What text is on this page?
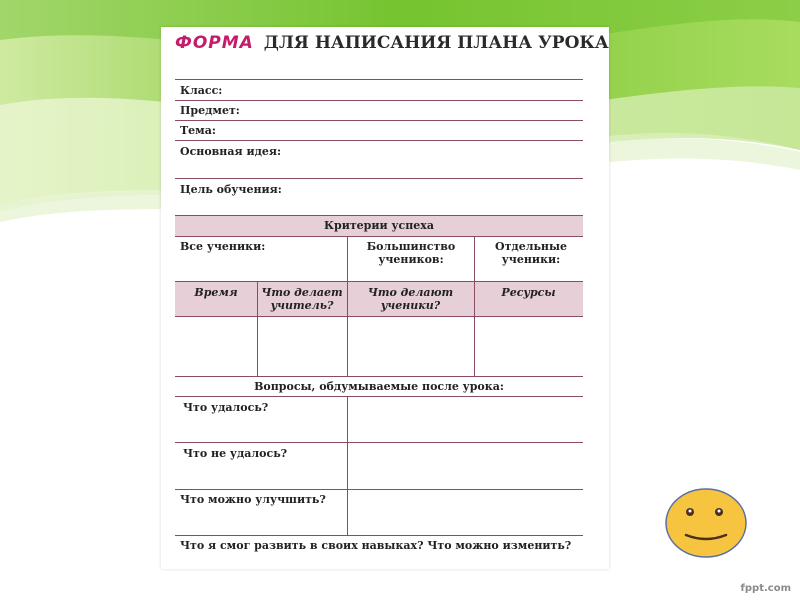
ФОРМА ДЛЯ НАПИСАНИЯ ПЛАНА УРОКА
Класс:
Предмет:
Тема:
Основная идея:
Цель обучения:
Критерии успеха
Все ученики:	Большинство учеников:
Отдельные ученики:
Время	Что делает учитель?
Что делают ученики?
Ресурсы
Вопросы, обдумываемые после урока:
Что удалось?
Что не удалось?
Что можно улучшить?
Что я смог развить в своих навыках? Что можно изменить?
fppt.com
